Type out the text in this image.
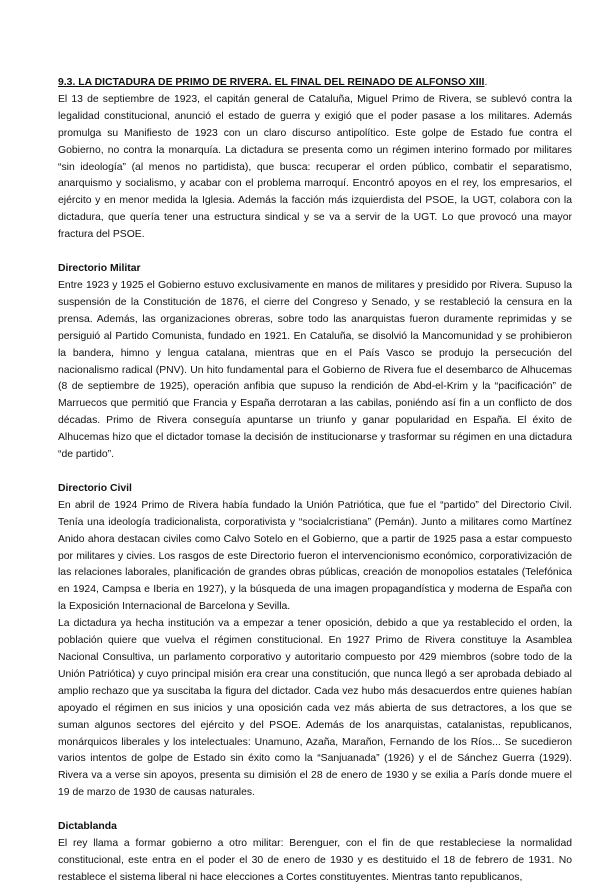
9.3. LA DICTADURA DE PRIMO DE RIVERA. EL FINAL DEL REINADO DE ALFONSO XIII.

El 13 de septiembre de 1923, el capitán general de Cataluña, Miguel Primo de Rivera, se sublevó contra la legalidad constitucional, anunció el estado de guerra y exigió que el poder pasase a los militares. Además promulga su Manifiesto de 1923 con un claro discurso antipolítico. Este golpe de Estado fue contra el Gobierno, no contra la monarquía. La dictadura se presenta como un régimen interino formado por militares “sin ideología” (al menos no partidista), que busca: recuperar el orden público, combatir el separatismo, anarquismo y socialismo, y acabar con el problema marroquí. Encontró apoyos en el rey, los empresarios, el ejército y en menor medida la Iglesia. Además la facción más izquierdista del PSOE, la UGT, colabora con la dictadura, que quería tener una estructura sindical y se va a servir de la UGT. Lo que provocó una mayor fractura del PSOE.

Directorio Militar

Entre 1923 y 1925 el Gobierno estuvo exclusivamente en manos de militares y presidido por Rivera. Supuso la suspensión de la Constitución de 1876, el cierre del Congreso y Senado, y se restableció la censura en la prensa. Además, las organizaciones obreras, sobre todo las anarquistas fueron duramente reprimidas y se persiguió al Partido Comunista, fundado en 1921. En Cataluña, se disolvió la Mancomunidad y se prohibieron la bandera, himno y lengua catalana, mientras que en el País Vasco se produjo la persecución del nacionalismo radical (PNV). Un hito fundamental para el Gobierno de Rivera fue el desembarco de Alhucemas (8 de septiembre de 1925), operación anfibia que supuso la rendición de Abd-el-Krim y la “pacificación” de Marruecos que permitió que Francia y España derrotaran a las cabilas, poniéndo así fin a un conflicto de dos décadas. Primo de Rivera conseguía apuntarse un triunfo y ganar popularidad en España. El éxito de Alhucemas hizo que el dictador tomase la decisión de institucionarse y trasformar su régimen en una dictadura “de partido”.

Directorio Civil

En abril de 1924 Primo de Rivera había fundado la Unión Patriótica, que fue el “partido” del Directorio Civil. Tenía una ideología tradicionalista, corporativista y “socialcristiana” (Pemán). Junto a militares como Martínez Anido ahora destacan civiles como Calvo Sotelo en el Gobierno, que a partir de 1925 pasa a estar compuesto por militares y civies. Los rasgos de este Directorio fueron el intervencionismo económico, corporativización de las relaciones laborales, planificación de grandes obras públicas, creación de monopolios estatales (Telefónica en 1924, Campsa e Iberia en 1927), y la búsqueda de una imagen propagandística y moderna de España con la Exposición Internacional de Barcelona y Sevilla.

La dictadura ya hecha institución va a empezar a tener oposición, debido a que ya restablecido el orden, la población quiere que vuelva el régimen constitucional. En 1927 Primo de Rivera constituye la Asamblea Nacional Consultiva, un parlamento corporativo y autoritario compuesto por 429 miembros (sobre todo de la Unión Patriótica) y cuyo principal misión era crear una constitución, que nunca llegó a ser aprobada debiado al amplio rechazo que ya suscitaba la figura del dictador. Cada vez hubo más desacuerdos entre quienes habían apoyado el régimen en sus inicios y una oposición cada vez más abierta de sus detractores, a los que se suman algunos sectores del ejército y del PSOE. Además de los anarquistas, catalanistas, republicanos, monárquicos liberales y los intelectuales: Unamuno, Azaña, Marañon, Fernando de los Ríos... Se sucedieron varios intentos de golpe de Estado sin éxito como la “Sanjuanada” (1926) y el de Sánchez Guerra (1929). Rivera va a verse sin apoyos, presenta su dimisión el 28 de enero de 1930 y se exilia a París donde muere el 19 de marzo de 1930 de causas naturales.

Dictablanda

El rey llama a formar gobierno a otro militar: Berenguer, con el fin de que restableciese la normalidad constitucional, este entra en el poder el 30 de enero de 1930 y es destituido el 18 de febrero de 1931. No restablece el sistema liberal ni hace elecciones a Cortes constituyentes. Mientras tanto republicanos,
